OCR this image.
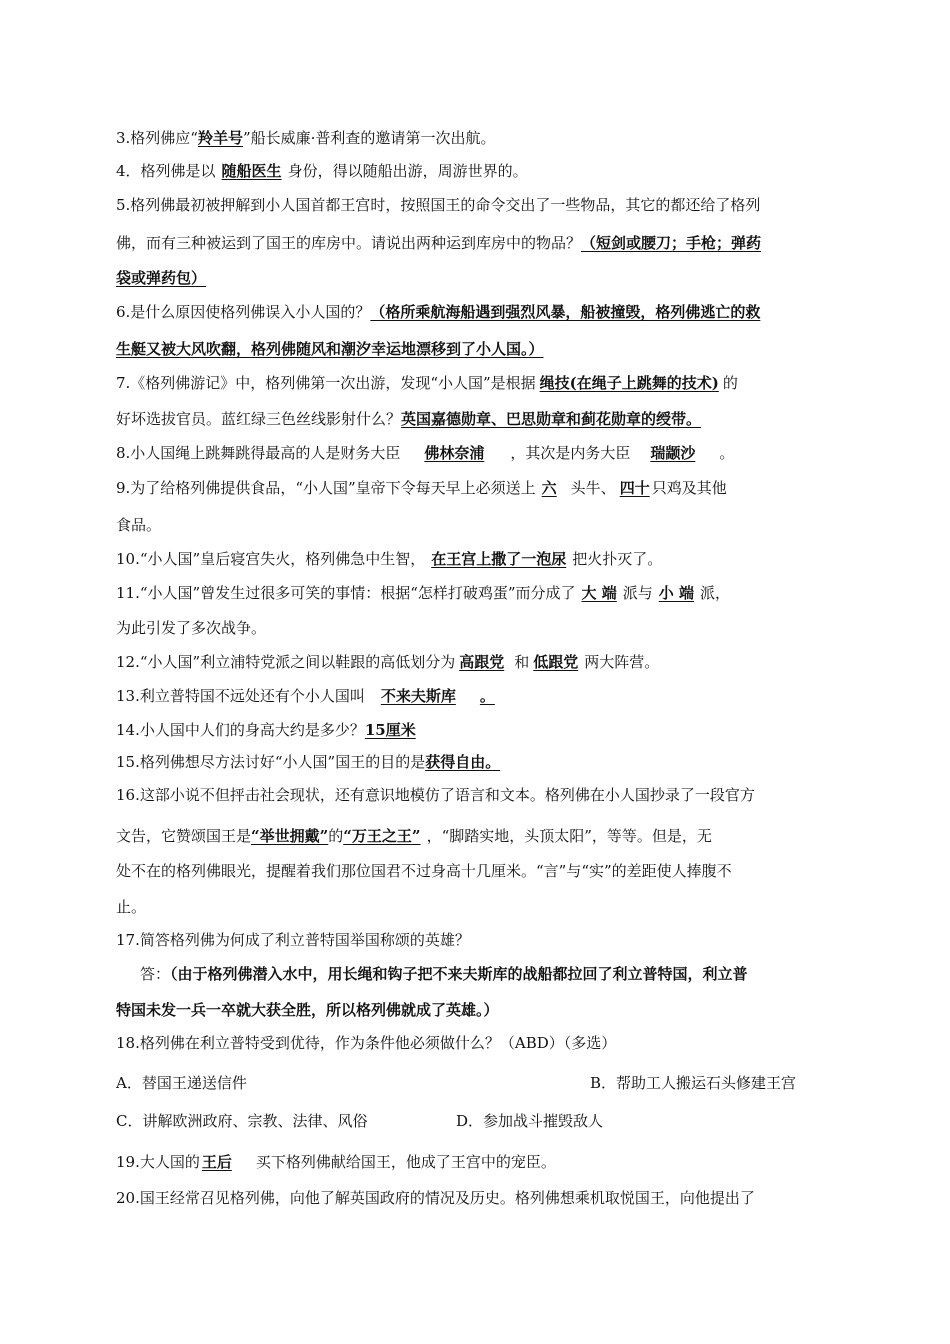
3.格列佛应“羚羊号”船长威廉·普利查的邀请第一次出航。
4．格列佛是以 随船医生 身份，得以随船出游，周游世界的。
5.格列佛最初被押解到小人国首都王宫时，按照国王的命令交出了一些物品，其它的都还给了格列
佛，而有三种被运到了国王的库房中。请说出两种运到库房中的物品？（短剑或腰刀；手枪；弹药
袋或弹药包）
6.是什么原因使格列佛误入小人国的？（格所乘航海船遇到强烈风暴，船被撞毁，格列佛逃亡的救
生艇又被大风吹翻，格列佛随风和潮汐幸运地漂移到了小人国。）
7.《格列佛游记》中，格列佛第一次出游，发现“小人国”是根据 绳技(在绳子上跳舞的技术) 的
好坏选拔官员。蓝红绿三色丝线影射什么？英国嘉德勋章、巴思勋章和蓟花勋章的绶带。
8.小人国绳上跳舞跳得最高的人是财务大臣 佛林奈浦 ，其次是内务大臣 瑞颛沙 。
9.为了给格列佛提供食品，“小人国”皇帝下令每天早上必须送上 六 头牛、 四十 只鸡及其他
食品。
10.“小人国”皇后寝宫失火，格列佛急中生智， 在王宫上撒了一泡尿 把火扑灭了。
11.“小人国”曾发生过很多可笑的事情：根据“怎样打破鸡蛋”而分成了 大 端 派与 小 端 派，
为此引发了多次战争。
12.“小人国”利立浦特党派之间以鞋跟的高低划分为 高跟党 和 低跟党 两大阵营。
13.利立普特国不远处还有个小人国叫 不来夫斯库 。
14.小人国中人们的身高大约是多少？15厘米
15.格列佛想尽方法讨好“小人国”国王的目的是获得自由。
16.这部小说不但抨击社会现状，还有意识地模仿了语言和文本。格列佛在小人国抄录了一段官方
文告，它赞颂国王是“举世拥戴”的“万王之王” ，“脚踏实地，头顶太阳”，等等。但是，无
处不在的格列佛眼光，提醒着我们那位国君不过身高十几厘米。“言”与“实”的差距使人捧腹不
止。
17.简答格列佛为何成了利立普特国举国称颂的英雄？
答：（由于格列佛潜入水中，用长绳和钩子把不来夫斯库的战船都拉回了利立普特国，利立普
特国未发一兵一卒就大获全胜，所以格列佛就成了英雄。）
18.格列佛在利立普特受到优待，作为条件他必须做什么？（ABD）（多选）
A．替国王递送信件	B．帮助工人搬运石头修建王宫
C．讲解欧洲政府、宗教、法律、风俗	D．参加战斗摧毁敌人
19.大人国的 王后 买下格列佛献给国王，他成了王宫中的宠臣。
20.国王经常召见格列佛，向他了解英国政府的情况及历史。格列佛想乘机取悦国王，向他提出了
